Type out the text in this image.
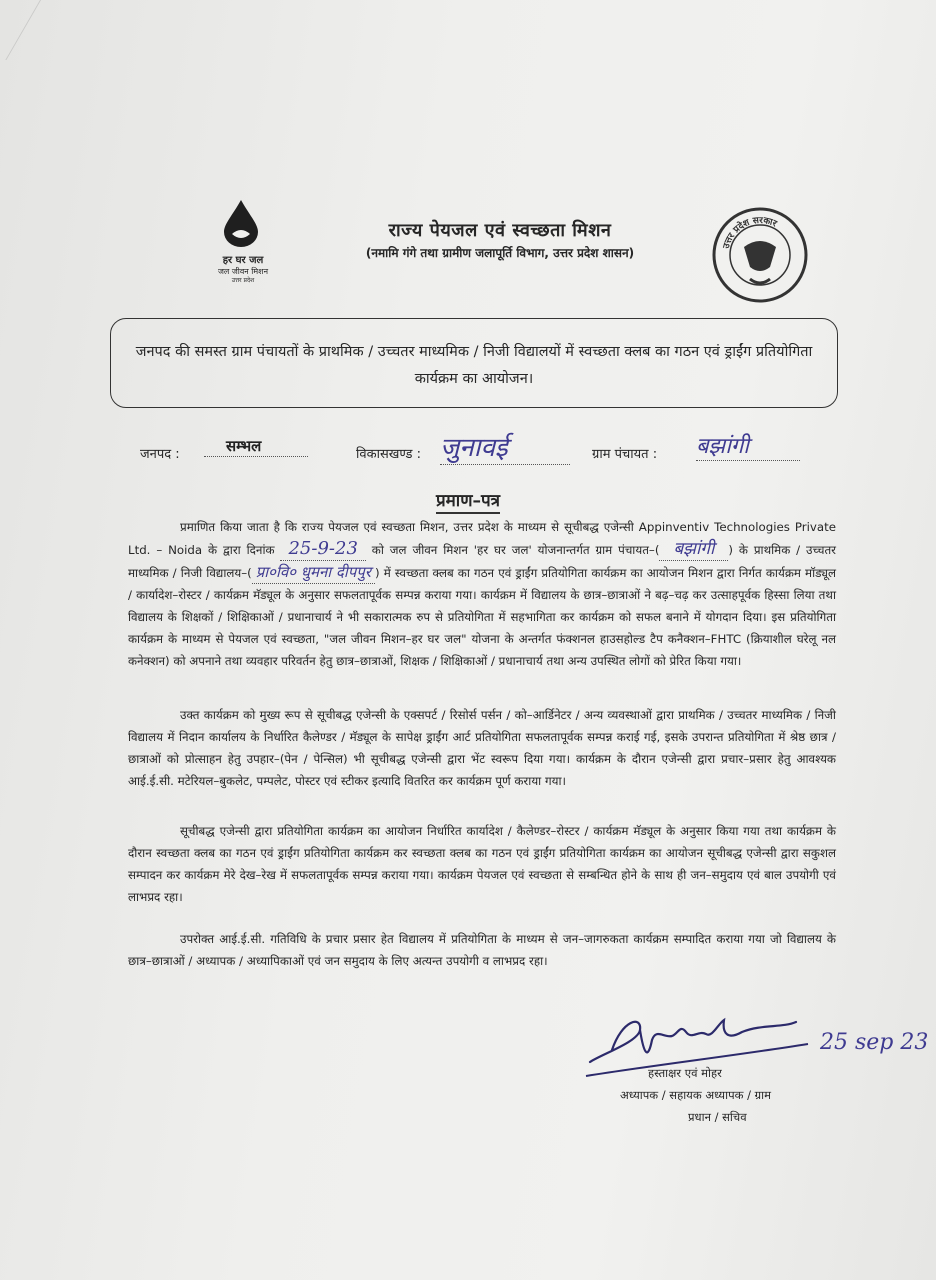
हर घर जल
जल जीवन मिशन
उत्तर प्रदेश
राज्य पेयजल एवं स्वच्छता मिशन
(नमामि गंगे तथा ग्रामीण जलापूर्ति विभाग, उत्तर प्रदेश शासन)	उत्तर प्रदेश सरकार

जनपद की समस्त ग्राम पंचायतों के प्राथमिक / उच्चतर माध्यमिक / निजी विद्यालयों में स्वच्छता क्लब का गठन एवं ड्राईंग प्रतियोगिता कार्यक्रम का आयोजन।

जनपद :	सम्भल	विकासखण्ड : जुनावई	ग्राम पंचायत : बझांगी
प्रमाण–पत्र
प्रमाणित किया जाता है कि राज्य पेयजल एवं स्वच्छता मिशन, उत्तर प्रदेश के माध्यम से सूचीबद्ध एजेन्सी Appinventiv Technologies Private Ltd. – Noida के द्वारा दिनांक 25-9-23 को जल जीवन मिशन 'हर घर जल' योजनान्तर्गत ग्राम पंचायत–( बझांगी ) के प्राथमिक / उच्चतर माध्यमिक / निजी विद्यालय–( प्रा०वि० धुमना दीपपुर ) में स्वच्छता क्लब का गठन एवं ड्राईंग प्रतियोगिता कार्यक्रम का आयोजन मिशन द्वारा निर्गत कार्यक्रम मॉड्यूल / कार्यादेश–रोस्टर / कार्यक्रम मॅड्यूल के अनुसार सफलतापूर्वक सम्पन्न कराया गया। कार्यक्रम में विद्यालय के छात्र–छात्राओं ने बढ़–चढ़ कर उत्साहपूर्वक हिस्सा लिया तथा विद्यालय के शिक्षकों / शिक्षिकाओं / प्रधानाचार्य ने भी सकारात्मक रुप से प्रतियोगिता में सहभागिता कर कार्यक्रम को सफल बनाने में योगदान दिया। इस प्रतियोगिता कार्यक्रम के माध्यम से पेयजल एवं स्वच्छता, "जल जीवन मिशन–हर घर जल" योजना के अन्तर्गत फंक्शनल हाउसहोल्ड टैप कनैक्शन–FHTC (क्रियाशील घरेलू नल कनेक्शन) को अपनाने तथा व्यवहार परिवर्तन हेतु छात्र–छात्राओं, शिक्षक / शिक्षिकाओं / प्रधानाचार्य तथा अन्य उपस्थित लोगों को प्रेरित किया गया।
उक्त कार्यक्रम को मुख्य रूप से सूचीबद्ध एजेन्सी के एक्सपर्ट / रिसोर्स पर्सन / को–आर्डिनेटर / अन्य व्यवस्थाओं द्वारा प्राथमिक / उच्चतर माध्यमिक / निजी विद्यालय में निदान कार्यालय के निर्धारित कैलेण्डर / मॅड्यूल के सापेक्ष ड्राईंग आर्ट प्रतियोगिता सफलतापूर्वक सम्पन्न कराई गई, इसके उपरान्त प्रतियोगिता में श्रेष्ठ छात्र / छात्राओं को प्रोत्साहन हेतु उपहार–(पेन / पेन्सिल) भी सूचीबद्ध एजेन्सी द्वारा भेंट स्वरूप दिया गया। कार्यक्रम के दौरान एजेन्सी द्वारा प्रचार–प्रसार हेतु आवश्यक आई.ई.सी. मटेरियल–बुकलेट, पम्पलेट, पोस्टर एवं स्टीकर इत्यादि वितरित कर कार्यक्रम पूर्ण कराया गया।
सूचीबद्ध एजेन्सी द्वारा प्रतियोगिता कार्यक्रम का आयोजन निर्धारित कार्यादेश / कैलेण्डर–रोस्टर / कार्यक्रम मॅड्यूल के अनुसार किया गया तथा कार्यक्रम के दौरान स्वच्छता क्लब का गठन एवं ड्राईंग प्रतियोगिता कार्यक्रम कर स्वच्छता क्लब का गठन एवं ड्राईंग प्रतियोगिता कार्यक्रम का आयोजन सूचीबद्ध एजेन्सी द्वारा सकुशल सम्पादन कर कार्यक्रम मेरे देख–रेख में सफलतापूर्वक सम्पन्न कराया गया। कार्यक्रम पेयजल एवं स्वच्छता से सम्बन्धित होने के साथ ही जन–समुदाय एवं बाल उपयोगी एवं लाभप्रद रहा।
उपरोक्त आई.ई.सी. गतिविधि के प्रचार प्रसार हेत विद्यालय में प्रतियोगिता के माध्यम से जन–जागरुकता कार्यक्रम सम्पादित कराया गया जो विद्यालय के छात्र–छात्राओं / अध्यापक / अध्यापिकाओं एवं जन समुदाय के लिए अत्यन्त उपयोगी व लाभप्रद रहा।
25 sep 23
हस्ताक्षर एवं मोहर
अध्यापक / सहायक अध्यापक / ग्राम
प्रधान / सचिव
